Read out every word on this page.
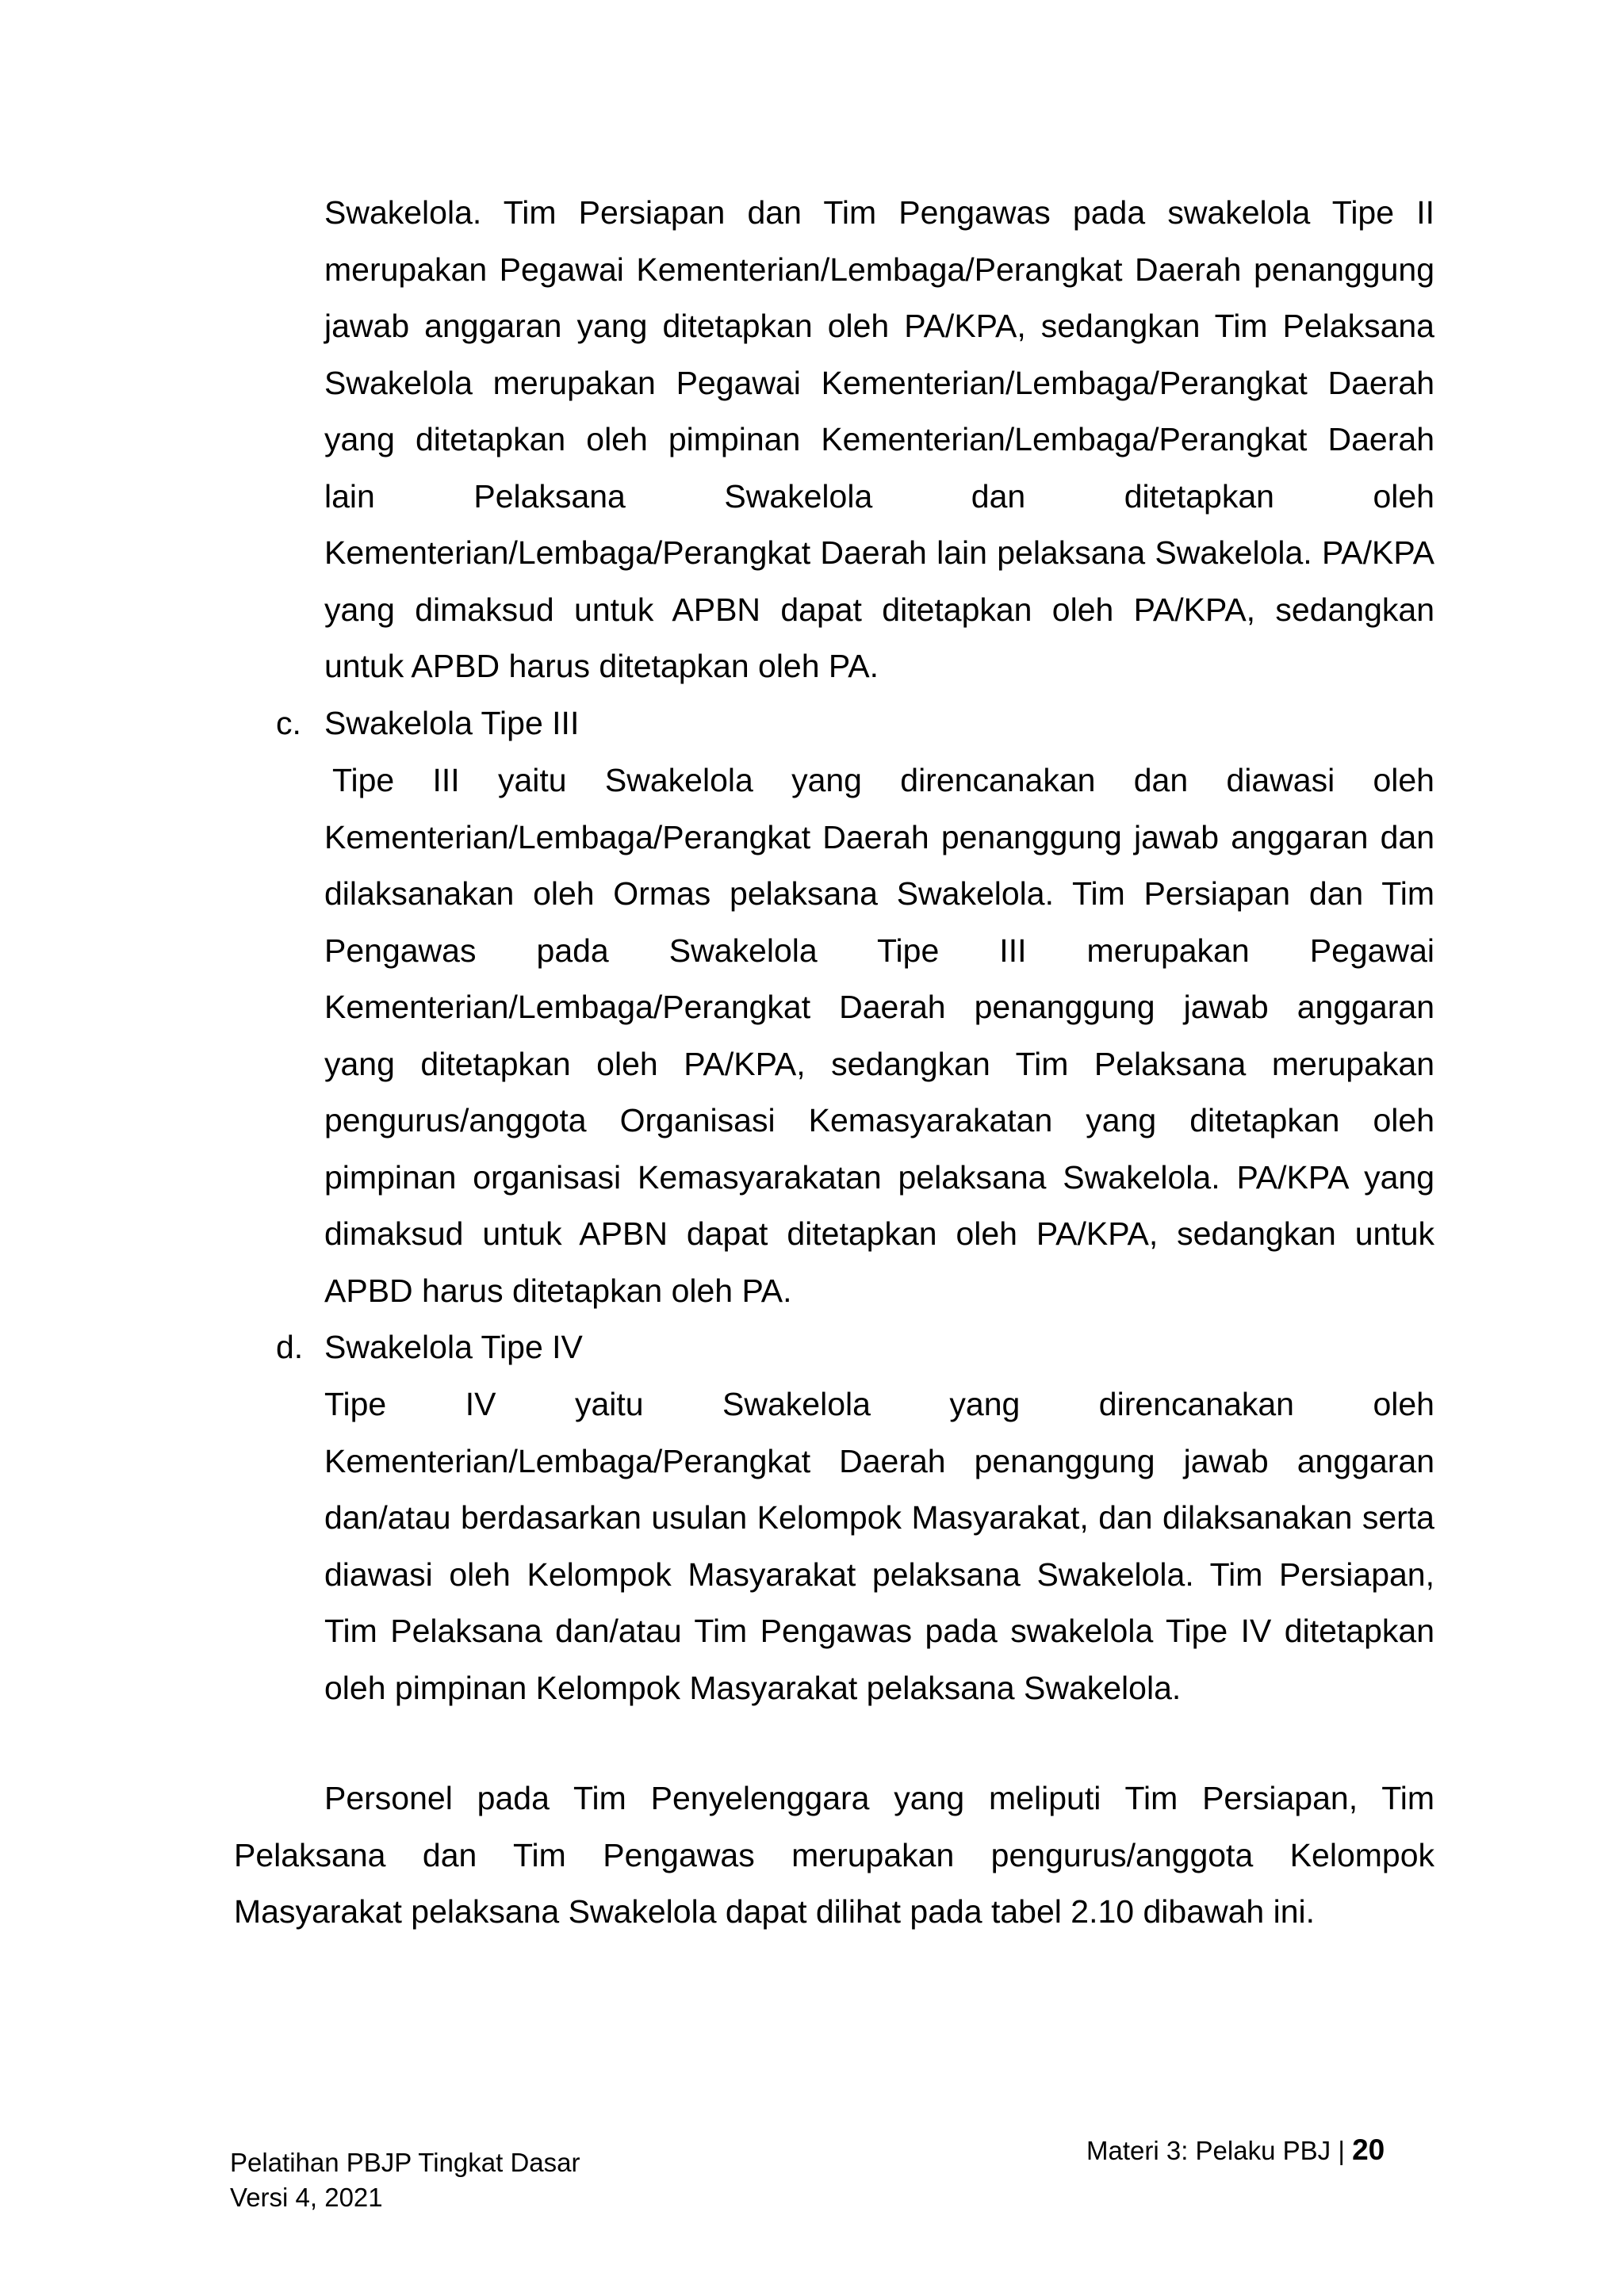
Swakelola. Tim Persiapan dan Tim Pengawas pada swakelola Tipe II merupakan Pegawai Kementerian/Lembaga/Perangkat Daerah penanggung jawab anggaran yang ditetapkan oleh PA/KPA, sedangkan Tim Pelaksana Swakelola merupakan Pegawai Kementerian/Lembaga/Perangkat Daerah yang ditetapkan oleh pimpinan Kementerian/Lembaga/Perangkat Daerah lain Pelaksana Swakelola dan ditetapkan oleh Kementerian/Lembaga/Perangkat Daerah lain pelaksana Swakelola. PA/KPA yang dimaksud untuk APBN dapat ditetapkan oleh PA/KPA, sedangkan untuk APBD harus ditetapkan oleh PA.

c. Swakelola Tipe III

Tipe III yaitu Swakelola yang direncanakan dan diawasi oleh Kementerian/Lembaga/Perangkat Daerah penanggung jawab anggaran dan dilaksanakan oleh Ormas pelaksana Swakelola. Tim Persiapan dan Tim Pengawas pada Swakelola Tipe III merupakan Pegawai Kementerian/Lembaga/Perangkat Daerah penanggung jawab anggaran yang ditetapkan oleh PA/KPA, sedangkan Tim Pelaksana merupakan pengurus/anggota Organisasi Kemasyarakatan yang ditetapkan oleh pimpinan organisasi Kemasyarakatan pelaksana Swakelola. PA/KPA yang dimaksud untuk APBN dapat ditetapkan oleh PA/KPA, sedangkan untuk APBD harus ditetapkan oleh PA.

d. Swakelola Tipe IV

Tipe IV yaitu Swakelola yang direncanakan oleh Kementerian/Lembaga/Perangkat Daerah penanggung jawab anggaran dan/atau berdasarkan usulan Kelompok Masyarakat, dan dilaksanakan serta diawasi oleh Kelompok Masyarakat pelaksana Swakelola. Tim Persiapan, Tim Pelaksana dan/atau Tim Pengawas pada swakelola Tipe IV ditetapkan oleh pimpinan Kelompok Masyarakat pelaksana Swakelola.

Personel pada Tim Penyelenggara yang meliputi Tim Persiapan, Tim Pelaksana dan Tim Pengawas merupakan pengurus/anggota Kelompok Masyarakat pelaksana Swakelola dapat dilihat pada tabel 2.10 dibawah ini.

Pelatihan PBJP Tingkat Dasar
Versi 4, 2021
Materi 3: Pelaku PBJ | 20
